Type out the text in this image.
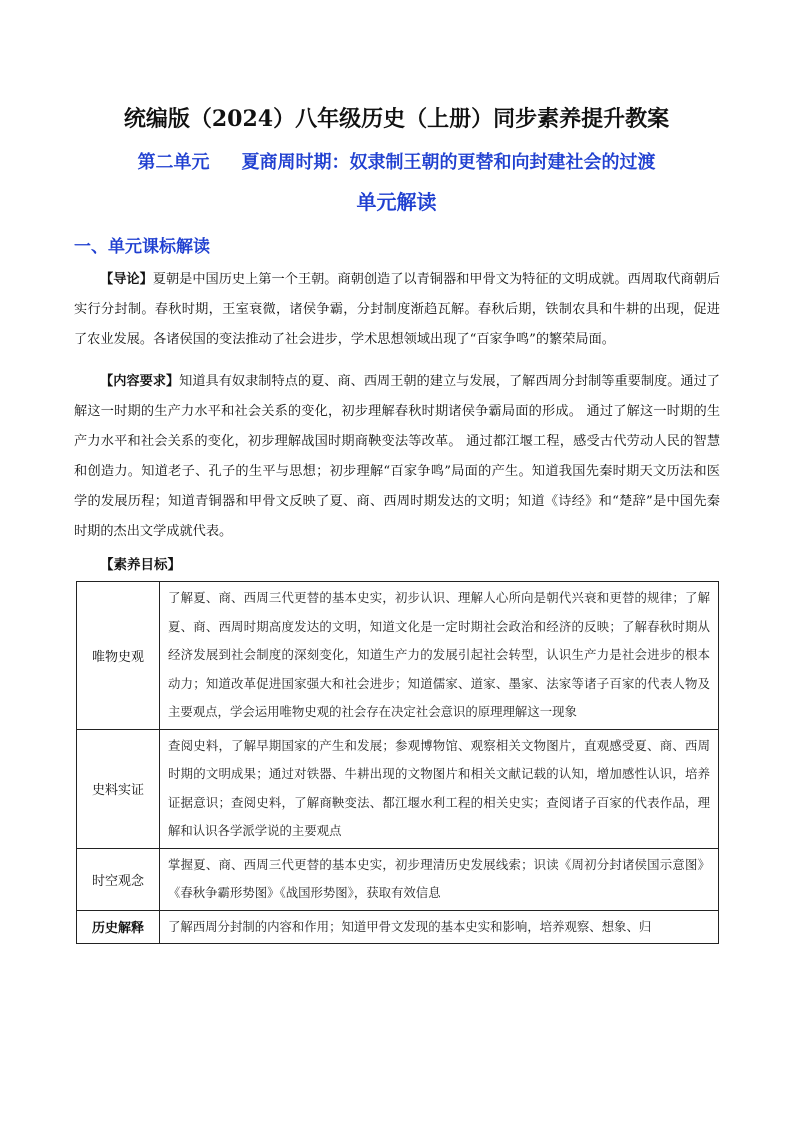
统编版（2024）八年级历史（上册）同步素养提升教案
第二单元 夏商周时期：奴隶制王朝的更替和向封建社会的过渡
单元解读
一、单元课标解读
【导论】夏朝是中国历史上第一个王朝。商朝创造了以青铜器和甲骨文为特征的文明成就。西周取代商朝后实行分封制。春秋时期，王室衰微，诸侯争霸，分封制度渐趋瓦解。春秋后期，铁制农具和牛耕的出现，促进了农业发展。各诸侯国的变法推动了社会进步，学术思想领域出现了“百家争鸣”的繁荣局面。
【内容要求】知道具有奴隶制特点的夏、商、西周王朝的建立与发展，了解西周分封制等重要制度。通过了解这一时期的生产力水平和社会关系的变化，初步理解春秋时期诸侯争霸局面的形成。 通过了解这一时期的生产力水平和社会关系的变化，初步理解战国时期商鞅变法等改革。 通过都江堰工程，感受古代劳动人民的智慧和创造力。知道老子、孔子的生平与思想；初步理解“百家争鸣”局面的产生。知道我国先秦时期天文历法和医学的发展历程；知道青铜器和甲骨文反映了夏、商、西周时期发达的文明；知道《诗经》和“楚辞”是中国先秦时期的杰出文学成就代表。
【素养目标】
唯物史观	了解夏、商、西周三代更替的基本史实，初步认识、理解人心所向是朝代兴衰和更替的规律；了解夏、商、西周时期高度发达的文明，知道文化是一定时期社会政治和经济的反映；了解春秋时期从经济发展到社会制度的深刻变化，知道生产力的发展引起社会转型，认识生产力是社会进步的根本动力；知道改革促进国家强大和社会进步；知道儒家、道家、墨家、法家等诸子百家的代表人物及主要观点，学会运用唯物史观的社会存在决定社会意识的原理理解这一现象
史料实证	查阅史料，了解早期国家的产生和发展；参观博物馆、观察相关文物图片，直观感受夏、商、西周时期的文明成果；通过对铁器、牛耕出现的文物图片和相关文献记载的认知，增加感性认识，培养证据意识；查阅史料，了解商鞅变法、都江堰水利工程的相关史实；查阅诸子百家的代表作品，理解和认识各学派学说的主要观点
时空观念	掌握夏、商、西周三代更替的基本史实，初步理清历史发展线索；识读《周初分封诸侯国示意图》《春秋争霸形势图》《战国形势图》，获取有效信息
历史解释	了解西周分封制的内容和作用；知道甲骨文发现的基本史实和影响，培养观察、想象、归
